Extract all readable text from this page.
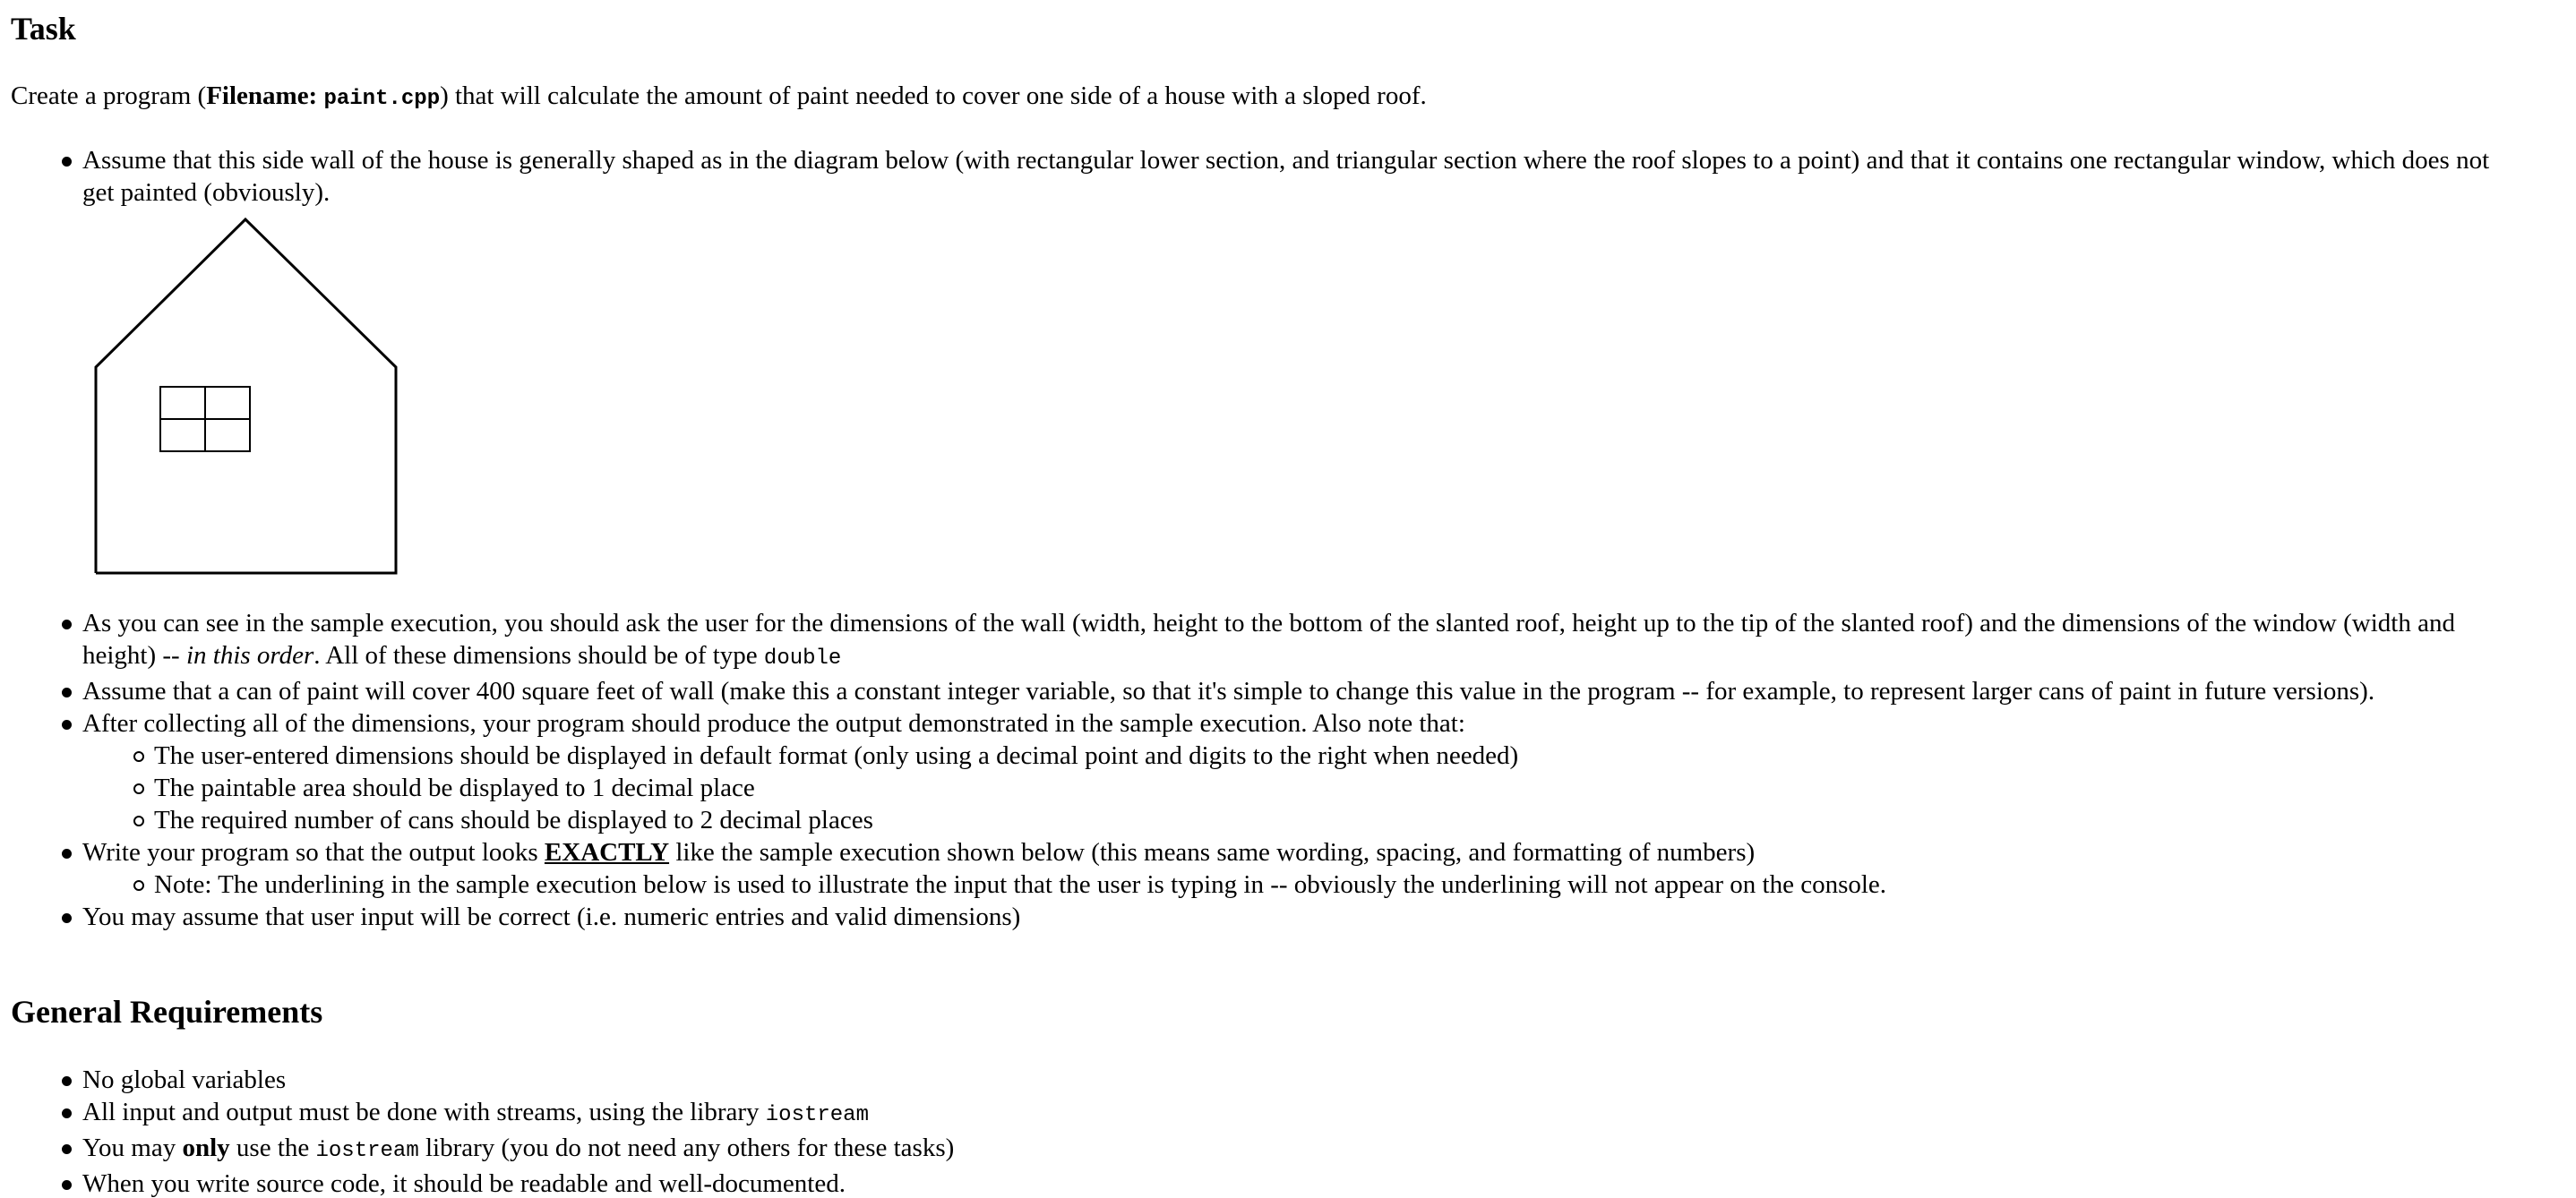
Task

Create a program (Filename: paint.cpp) that will calculate the amount of paint needed to cover one side of a house with a sloped roof.

Assume that this side wall of the house is generally shaped as in the diagram below (with rectangular lower section, and triangular section where the roof slopes to a point) and that it contains one rectangular window, which does not get painted (obviously).
As you can see in the sample execution, you should ask the user for the dimensions of the wall (width, height to the bottom of the slanted roof, height up to the tip of the slanted roof) and the dimensions of the window (width and height) -- in this order. All of these dimensions should be of type double
Assume that a can of paint will cover 400 square feet of wall (make this a constant integer variable, so that it's simple to change this value in the program -- for example, to represent larger cans of paint in future versions).
After collecting all of the dimensions, your program should produce the output demonstrated in the sample execution. Also note that:
The user-entered dimensions should be displayed in default format (only using a decimal point and digits to the right when needed)
The paintable area should be displayed to 1 decimal place
The required number of cans should be displayed to 2 decimal places
Write your program so that the output looks EXACTLY like the sample execution shown below (this means same wording, spacing, and formatting of numbers)
Note: The underlining in the sample execution below is used to illustrate the input that the user is typing in -- obviously the underlining will not appear on the console.
You may assume that user input will be correct (i.e. numeric entries and valid dimensions)
General Requirements
No global variables
All input and output must be done with streams, using the library iostream
You may only use the iostream library (you do not need any others for these tasks)
When you write source code, it should be readable and well-documented.
